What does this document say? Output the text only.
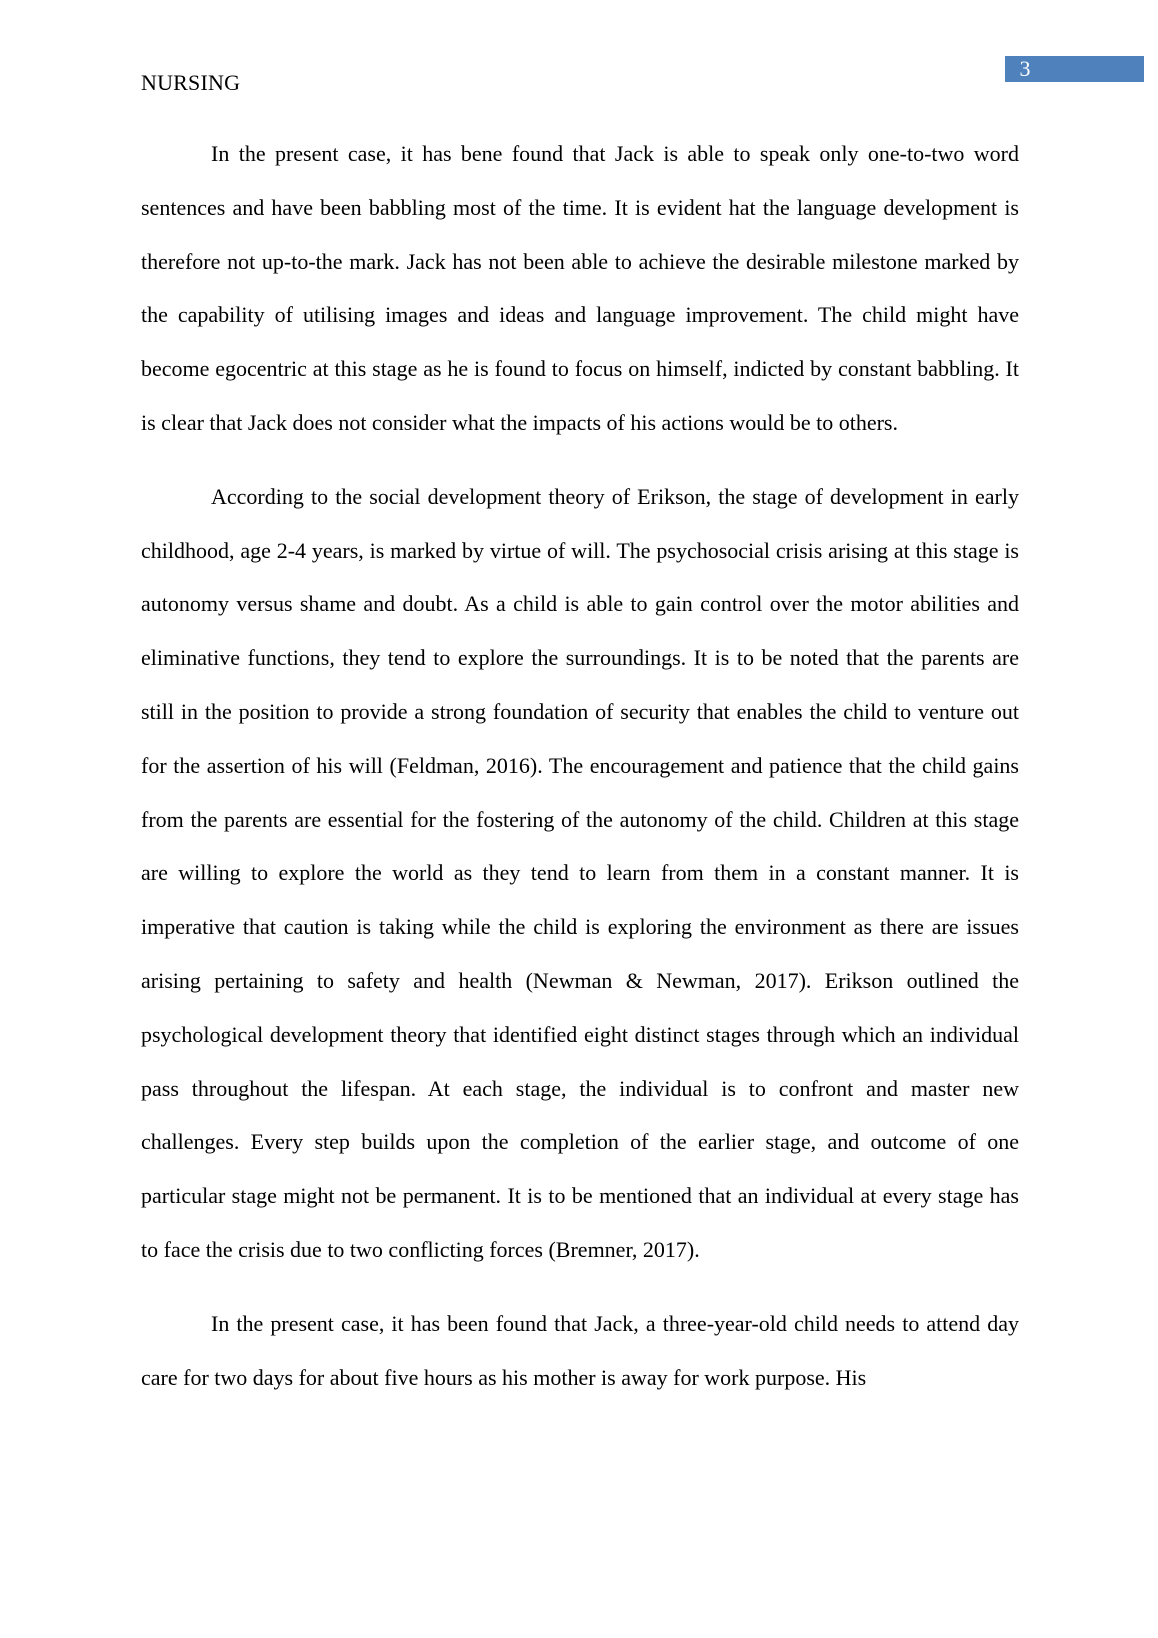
3
NURSING

In the present case, it has bene found that Jack is able to speak only one-to-two word sentences and have been babbling most of the time. It is evident hat the language development is therefore not up-to-the mark. Jack has not been able to achieve the desirable milestone marked by the capability of utilising images and ideas and language improvement. The child might have become egocentric at this stage as he is found to focus on himself, indicted by constant babbling. It is clear that Jack does not consider what the impacts of his actions would be to others.

According to the social development theory of Erikson, the stage of development in early childhood, age 2-4 years, is marked by virtue of will. The psychosocial crisis arising at this stage is autonomy versus shame and doubt. As a child is able to gain control over the motor abilities and eliminative functions, they tend to explore the surroundings. It is to be noted that the parents are still in the position to provide a strong foundation of security that enables the child to venture out for the assertion of his will (Feldman, 2016). The encouragement and patience that the child gains from the parents are essential for the fostering of the autonomy of the child. Children at this stage are willing to explore the world as they tend to learn from them in a constant manner. It is imperative that caution is taking while the child is exploring the environment as there are issues arising pertaining to safety and health (Newman & Newman, 2017). Erikson outlined the psychological development theory that identified eight distinct stages through which an individual pass throughout the lifespan. At each stage, the individual is to confront and master new challenges. Every step builds upon the completion of the earlier stage, and outcome of one particular stage might not be permanent. It is to be mentioned that an individual at every stage has to face the crisis due to two conflicting forces (Bremner, 2017).

In the present case, it has been found that Jack, a three-year-old child needs to attend day care for two days for about five hours as his mother is away for work purpose. His
